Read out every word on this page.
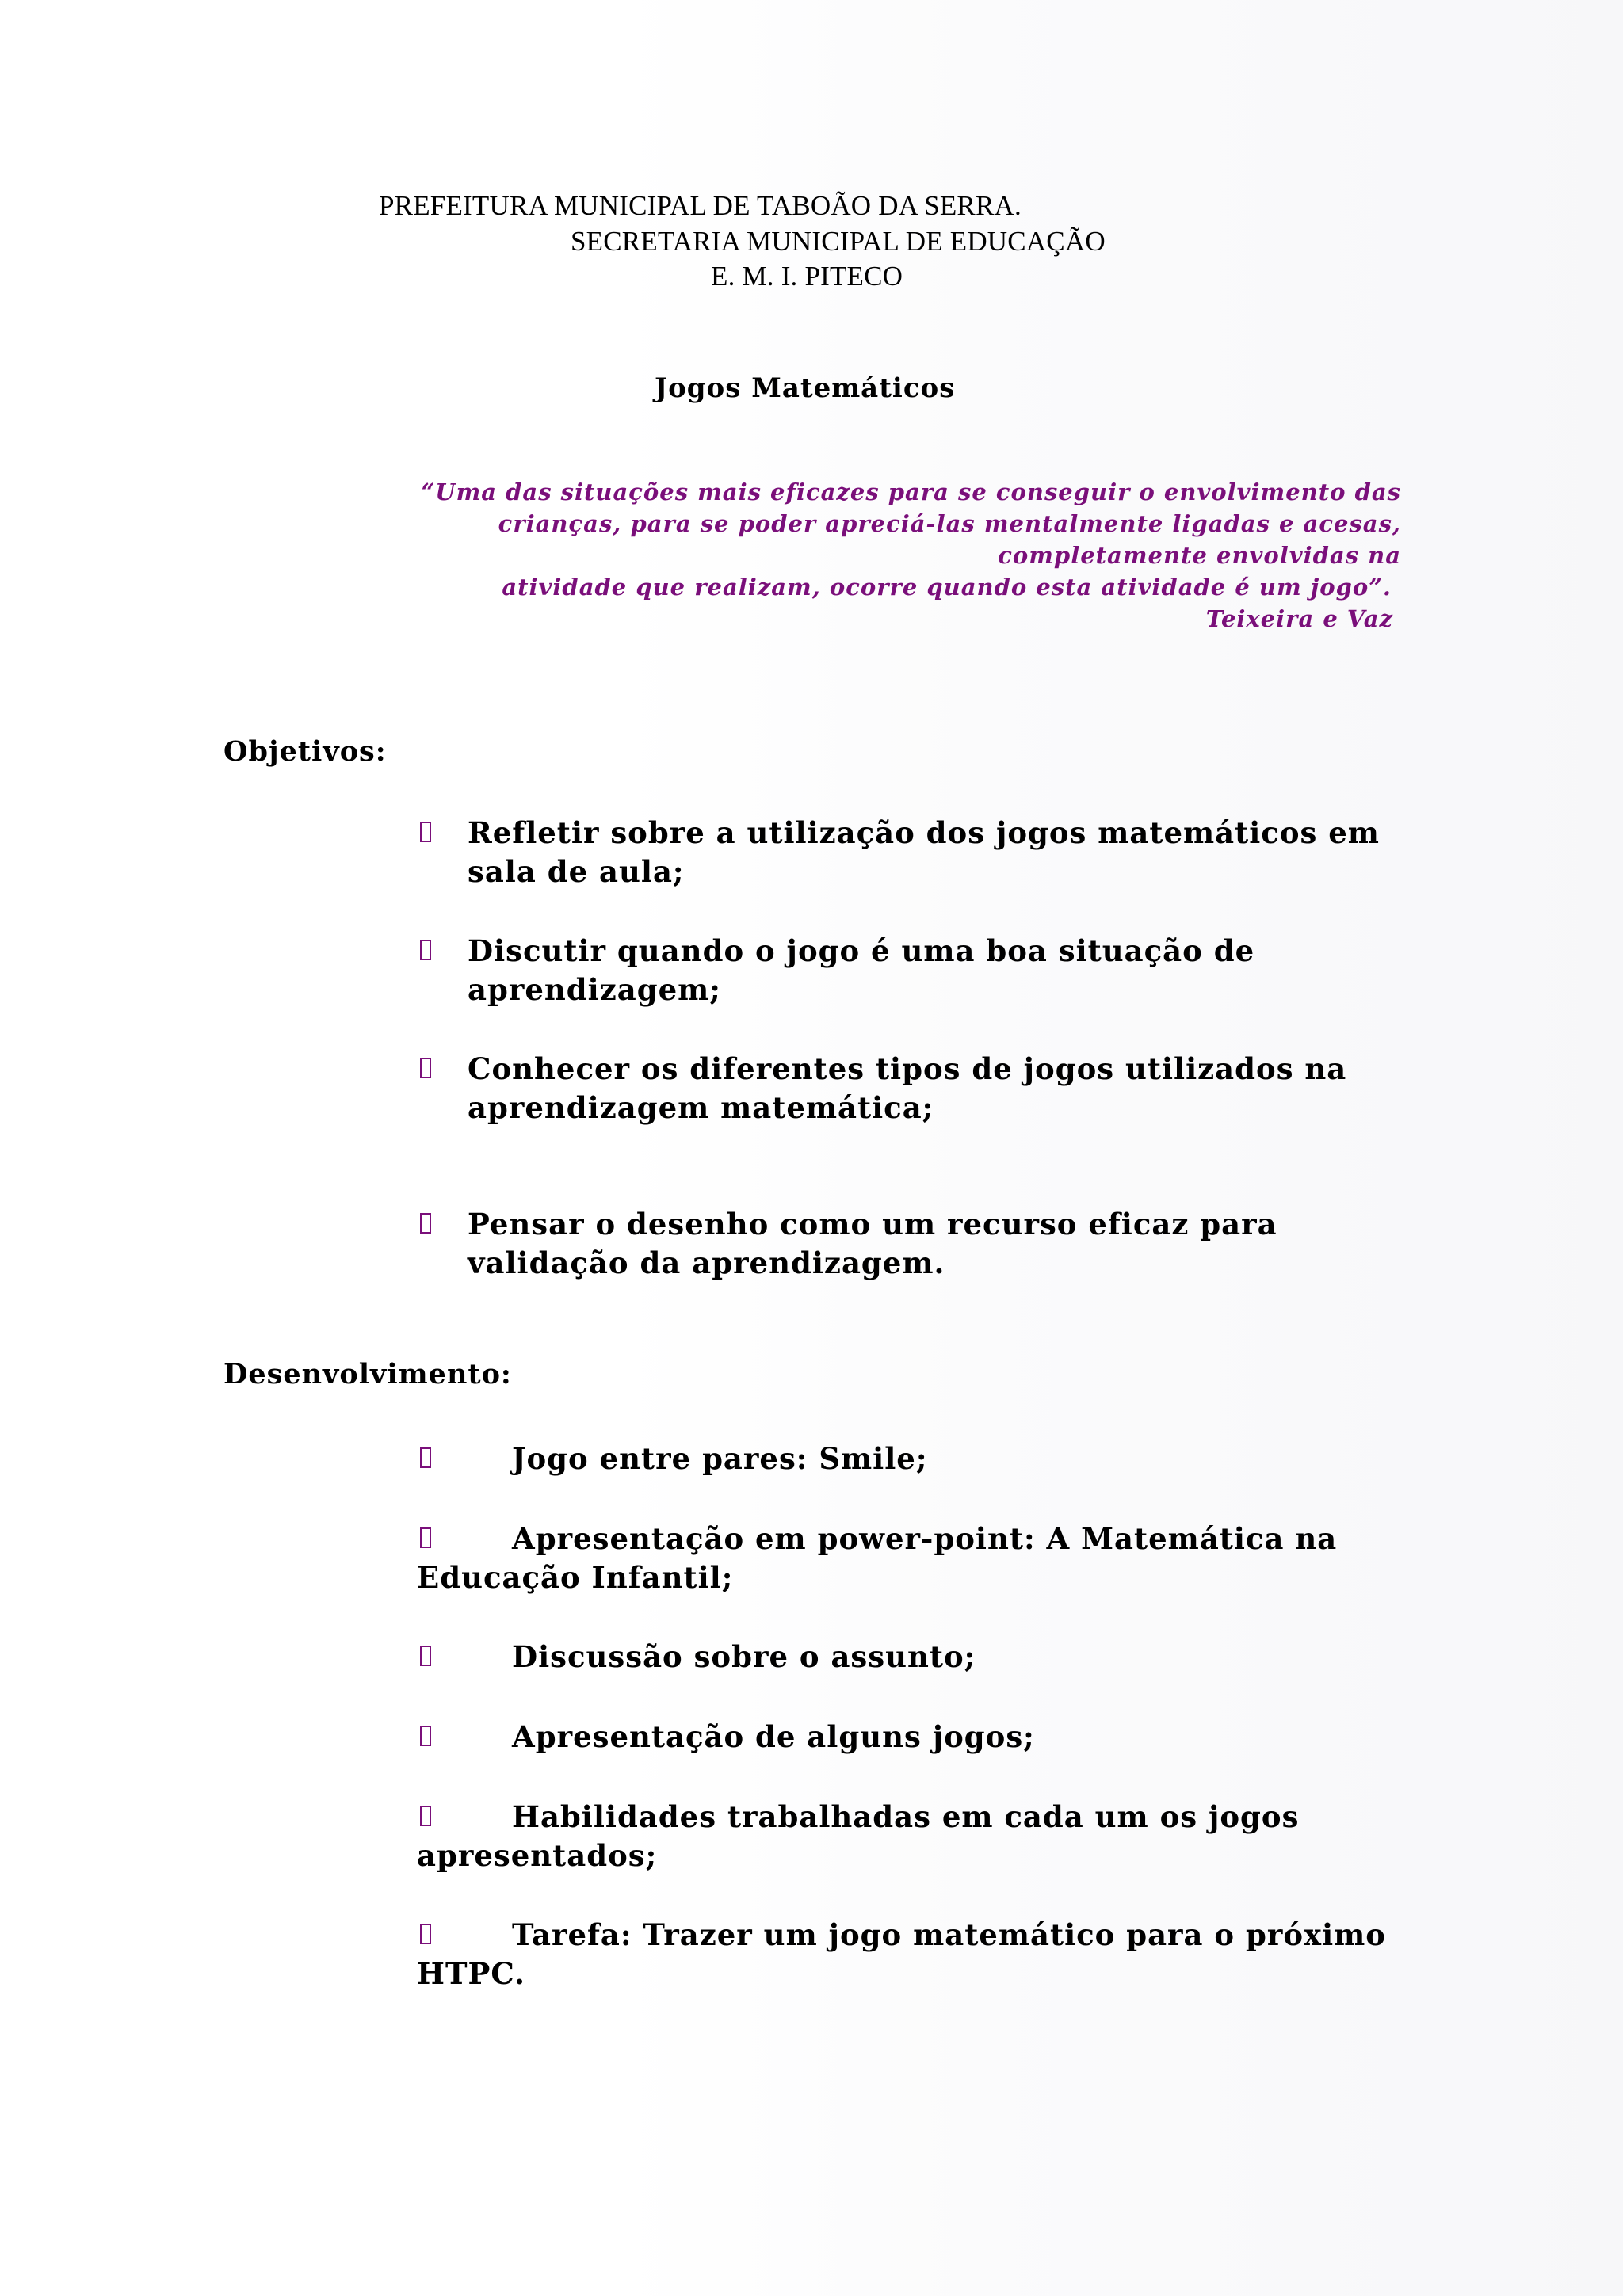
PREFEITURA MUNICIPAL DE TABOÃO DA SERRA.
SECRETARIA MUNICIPAL DE EDUCAÇÃO
E. M. I. PITECO
Jogos Matemáticos
“Uma das situações mais eficazes para se conseguir o envolvimento das
crianças, para se poder apreciá-las mentalmente ligadas e acesas,
completamente envolvidas na
atividade que realizam, ocorre quando esta atividade é um jogo”.
Teixeira e Vaz
Objetivos:
Refletir sobre a utilização dos jogos matemáticos em
sala de aula;
Discutir quando o jogo é uma boa situação de
aprendizagem;
Conhecer os diferentes tipos de jogos utilizados na
aprendizagem matemática;
Pensar o desenho como um recurso eficaz para
validação da aprendizagem.
Desenvolvimento:
Jogo entre pares: Smile;
Apresentação em power-point: A Matemática na
Educação Infantil;
Discussão sobre o assunto;
Apresentação de alguns jogos;
Habilidades trabalhadas em cada um os jogos
apresentados;
Tarefa: Trazer um jogo matemático para o próximo
HTPC.
